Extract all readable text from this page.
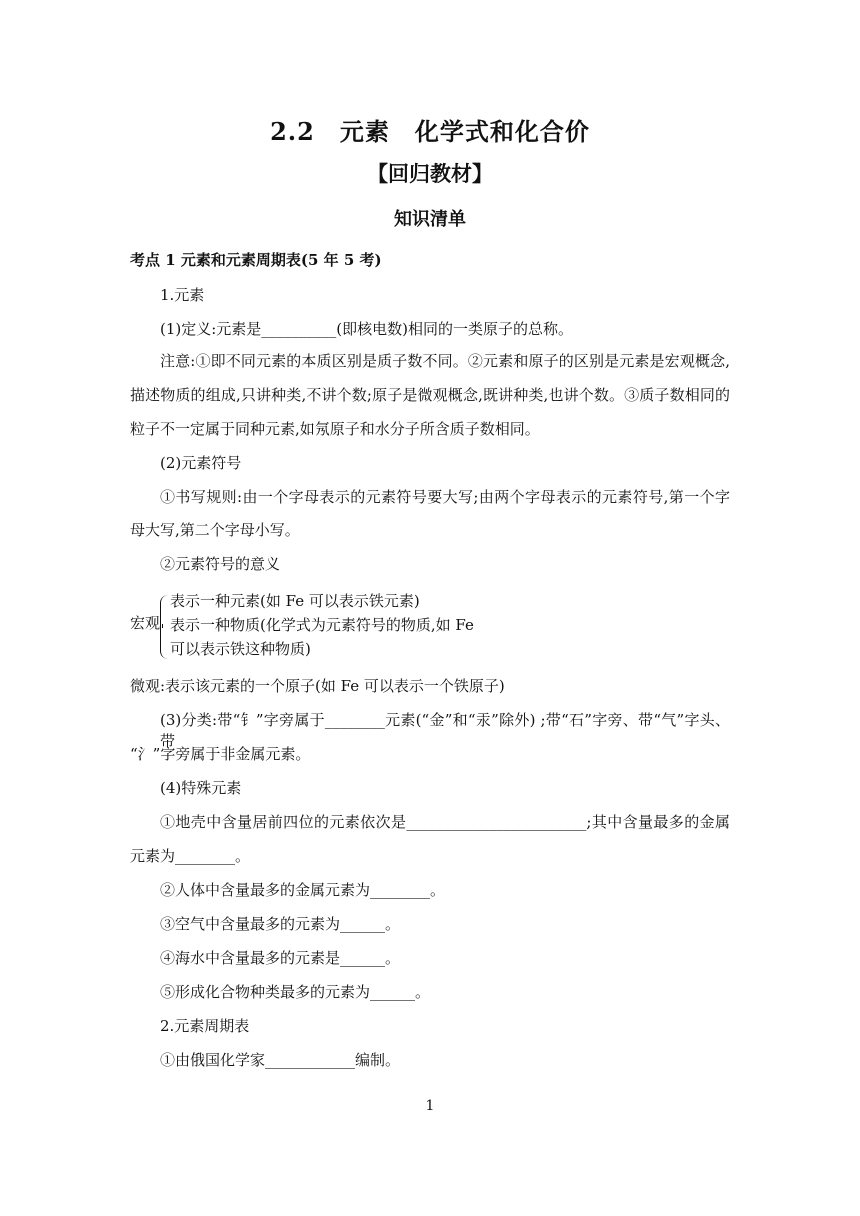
2.2　元素　化学式和化合价
【回归教材】
知识清单
考点 1 元素和元素周期表(5 年 5 考)
1.元素
(1)定义:元素是__________(即核电数)相同的一类原子的总称。
注意:①即不同元素的本质区别是质子数不同。②元素和原子的区别是元素是宏观概念,
描述物质的组成,只讲种类,不讲个数;原子是微观概念,既讲种类,也讲个数。③质子数相同的
粒子不一定属于同种元素,如氖原子和水分子所含质子数相同。
(2)元素符号
①书写规则:由一个字母表示的元素符号要大写;由两个字母表示的元素符号,第一个字
母大写,第二个字母小写。
②元素符号的意义
宏观
表示一种元素(如 Fe 可以表示铁元素)
表示一种物质(化学式为元素符号的物质,如 Fe
可以表示铁这种物质)
微观:表示该元素的一个原子(如 Fe 可以表示一个铁原子)
(3)分类:带“钅”字旁属于________元素(“金”和“汞”除外) ;带“石”字旁、带“气”字头、 带
“氵”字旁属于非金属元素。
(4)特殊元素
①地壳中含量居前四位的元素依次是________________________;其中含量最多的金属
元素为________。
②人体中含量最多的金属元素为________。
③空气中含量最多的元素为______。
④海水中含量最多的元素是______。
⑤形成化合物种类最多的元素为______。
2.元素周期表
①由俄国化学家____________编制。
1
